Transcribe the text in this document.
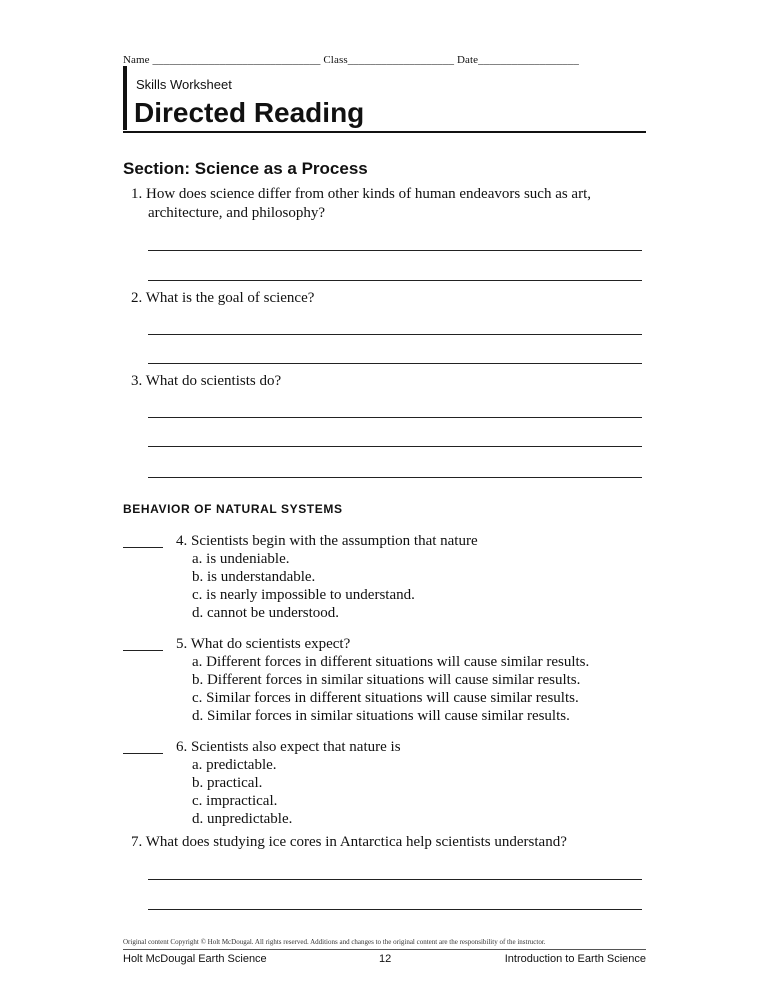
Name ______________________________ Class___________________ Date__________________
Skills Worksheet
Directed Reading
Section: Science as a Process
1. How does science differ from other kinds of human endeavors such as art,
architecture, and philosophy?
2. What is the goal of science?
3. What do scientists do?
BEHAVIOR OF NATURAL SYSTEMS
4. Scientists begin with the assumption that nature
a. is undeniable.
b. is understandable.
c. is nearly impossible to understand.
d. cannot be understood.
5. What do scientists expect?
a. Different forces in different situations will cause similar results.
b. Different forces in similar situations will cause similar results.
c. Similar forces in different situations will cause similar results.
d. Similar forces in similar situations will cause similar results.
6. Scientists also expect that nature is
a. predictable.
b. practical.
c. impractical.
d. unpredictable.
7. What does studying ice cores in Antarctica help scientists understand?
Original content Copyright © Holt McDougal. All rights reserved. Additions and changes to the original content are the responsibility of the instructor.
Holt McDougal Earth Science	12	Introduction to Earth Science
